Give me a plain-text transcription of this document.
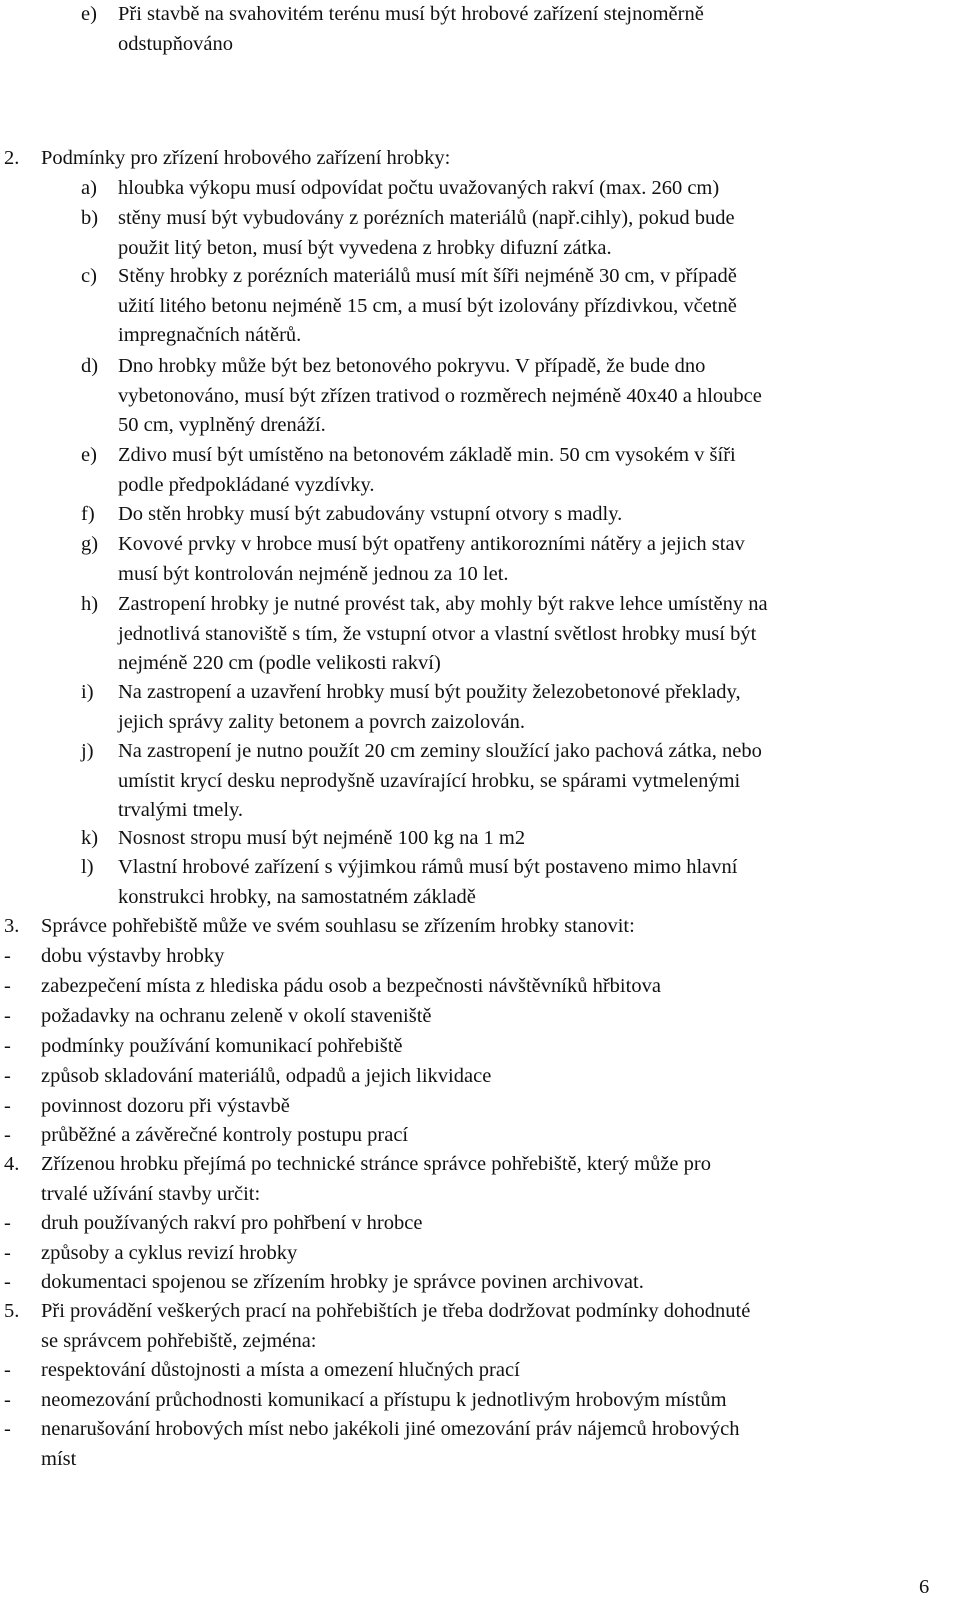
e) Při stavbě na svahovitém terénu musí být hrobové zařízení stejnoměrně
odstupňováno
2. Podmínky pro zřízení hrobového zařízení hrobky:
a) hloubka výkopu musí odpovídat počtu uvažovaných rakví (max. 260 cm)
b) stěny musí být vybudovány z porézních materiálů (např.cihly), pokud bude
použit litý beton, musí být vyvedena z hrobky difuzní zátka.
c) Stěny hrobky z porézních materiálů musí mít šíři nejméně 30 cm, v případě
užití litého betonu nejméně 15 cm, a musí být izolovány přízdivkou, včetně
impregnačních nátěrů.
d) Dno hrobky může být bez betonového pokryvu. V případě, že bude dno
vybetonováno, musí být zřízen trativod o rozměrech nejméně 40x40 a hloubce
50 cm, vyplněný drenáží.
e) Zdivo musí být umístěno na betonovém základě min. 50 cm vysokém v šíři
podle předpokládané vyzdívky.
f) Do stěn hrobky musí být zabudovány vstupní otvory s madly.
g) Kovové prvky v hrobce musí být opatřeny antikorozními nátěry a jejich stav
musí být kontrolován nejméně jednou za 10 let.
h) Zastropení hrobky je nutné provést tak, aby mohly být rakve lehce umístěny na
jednotlivá stanoviště s tím, že vstupní otvor a vlastní světlost hrobky musí být
nejméně 220 cm (podle velikosti rakví)
i) Na zastropení a uzavření hrobky musí být použity železobetonové překlady,
jejich správy zality betonem a povrch zaizolován.
j) Na zastropení je nutno použít 20 cm zeminy sloužící jako pachová zátka, nebo
umístit krycí desku neprodyšně uzavírající hrobku, se spárami vytmelenými
trvalými tmely.
k) Nosnost stropu musí být nejméně 100 kg na 1 m2
l) Vlastní hrobové zařízení s výjimkou rámů musí být postaveno mimo hlavní
konstrukci hrobky, na samostatném základě
3. Správce pohřebiště může ve svém souhlasu se zřízením hrobky stanovit:
- dobu výstavby hrobky
- zabezpečení místa z hlediska pádu osob a bezpečnosti návštěvníků hřbitova
- požadavky na ochranu zeleně v okolí staveniště
- podmínky používání komunikací pohřebiště
- způsob skladování materiálů, odpadů a jejich likvidace
- povinnost dozoru při výstavbě
- průběžné a závěrečné kontroly postupu prací
4. Zřízenou hrobku přejímá po technické stránce správce pohřebiště, který může pro
trvalé užívání stavby určit:
- druh používaných rakví pro pohřbení v hrobce
- způsoby a cyklus revizí hrobky
- dokumentaci spojenou se zřízením hrobky je správce povinen archivovat.
5. Při provádění veškerých prací na pohřebištích je třeba dodržovat podmínky dohodnuté
se správcem pohřebiště, zejména:
- respektování důstojnosti a místa a omezení hlučných prací
- neomezování průchodnosti komunikací a přístupu k jednotlivým hrobovým místům
- nenarušování hrobových míst nebo jakékoli jiné omezování práv nájemců hrobových
míst
6
